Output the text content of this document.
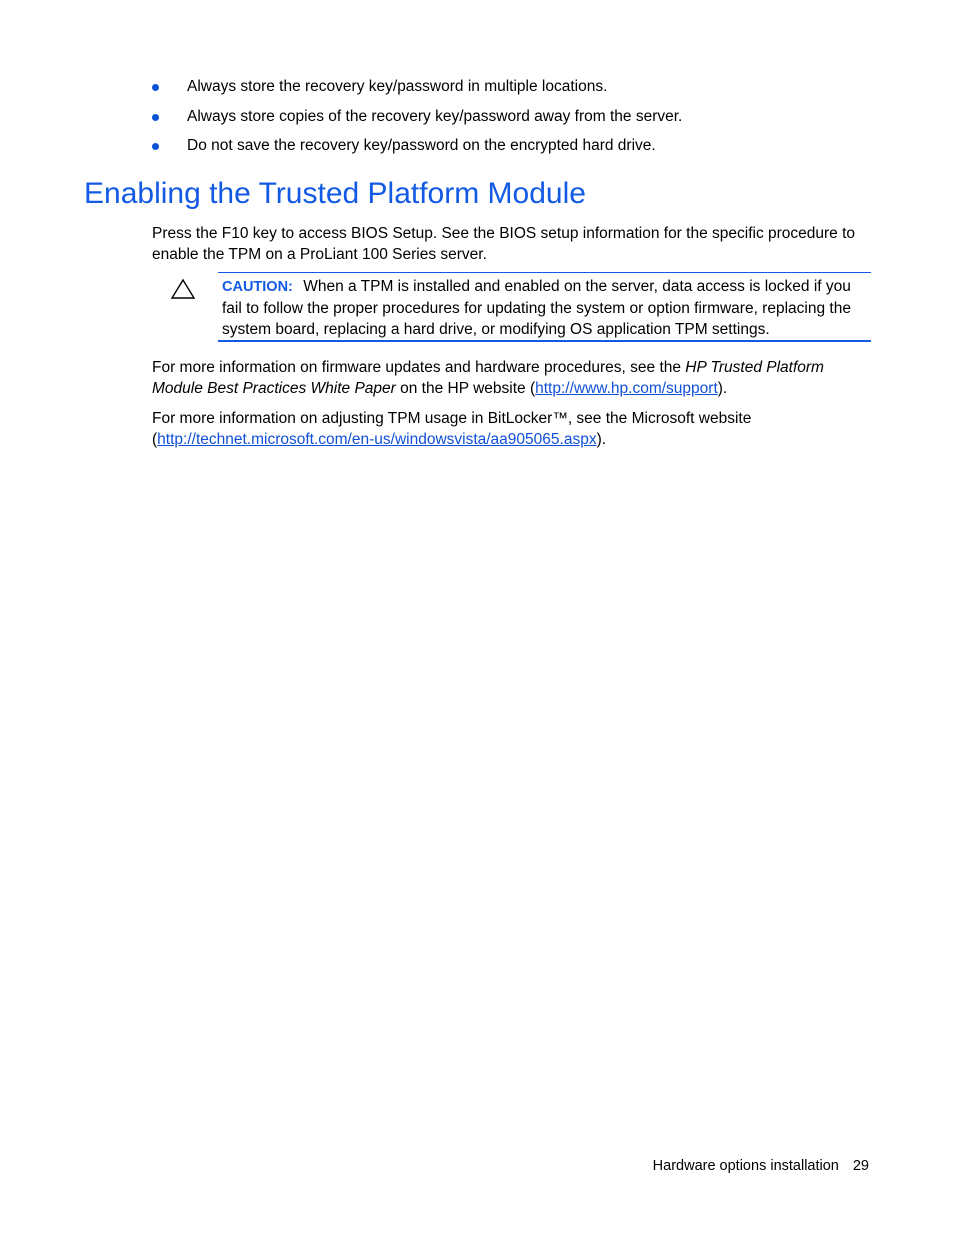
Always store the recovery key/password in multiple locations.
Always store copies of the recovery key/password away from the server.
Do not save the recovery key/password on the encrypted hard drive.
Enabling the Trusted Platform Module

Press the F10 key to access BIOS Setup. See the BIOS setup information for the specific procedure to enable the TPM on a ProLiant 100 Series server.

CAUTION: When a TPM is installed and enabled on the server, data access is locked if you fail to follow the proper procedures for updating the system or option firmware, replacing the system board, replacing a hard drive, or modifying OS application TPM settings.

For more information on firmware updates and hardware procedures, see the HP Trusted Platform Module Best Practices White Paper on the HP website (http://www.hp.com/support).

For more information on adjusting TPM usage in BitLocker™, see the Microsoft website (http://technet.microsoft.com/en-us/windowsvista/aa905065.aspx).

Hardware options installation 29
